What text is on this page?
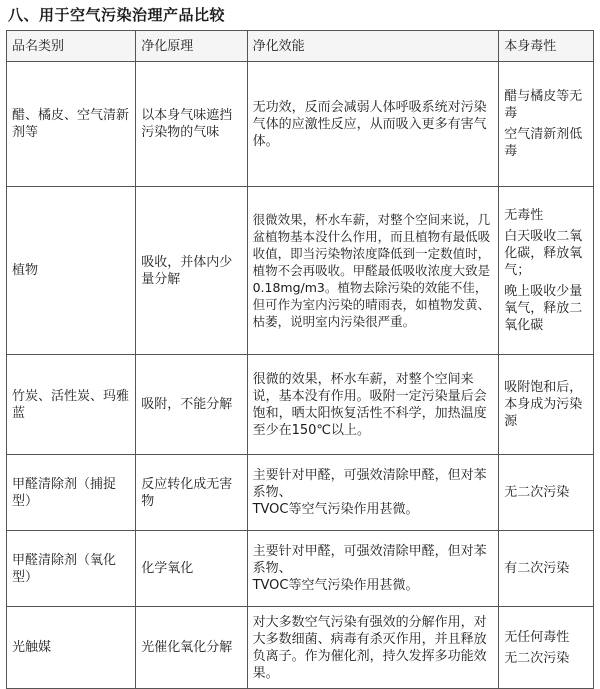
八、用于空气污染治理产品比较
品名类别	净化原理	净化效能	本身毒性
醋、橘皮、空气清新剂等	以本身气味遮挡污染物的气味	无功效，反而会减弱人体呼吸系统对污染气体的应激性反应，从而吸入更多有害气体。	醋与橘皮等无毒

空气清新剂低毒

植物	吸收，并体内少量分解	很微效果，杯水车薪，对整个空间来说，几盆植物基本没什么作用，而且植物有最低吸收值，即当污染物浓度降低到一定数值时，植物不会再吸收。甲醛最低吸收浓度大致是0.18mg/m3。植物去除污染的效能不佳，但可作为室内污染的晴雨表，如植物发黄、枯萎，说明室内污染很严重。	无毒性

白天吸收二氧化碳，释放氧气；

晚上吸收少量氧气，释放二氧化碳

竹炭、活性炭、玛雅蓝	吸附，不能分解	很微的效果，杯水车薪，对整个空间来说，基本没有作用。吸附一定污染量后会饱和，晒太阳恢复活性不科学，加热温度至少在150℃以上。	吸附饱和后，本身成为污染源

甲醛清除剂（捕捉型）	反应转化成无害物	主要针对甲醛，可强效清除甲醛，但对苯系物、
TVOC等空气污染作用甚微。	无二次污染

甲醛清除剂（氧化型）	化学氧化	主要针对甲醛，可强效清除甲醛，但对苯系物、
TVOC等空气污染作用甚微。	有二次污染

光触媒	光催化氧化分解	对大多数空气污染有强效的分解作用，对大多数细菌、病毒有杀灭作用，并且释放负离子。作为催化剂，持久发挥多功能效果。	无任何毒性

无二次污染
